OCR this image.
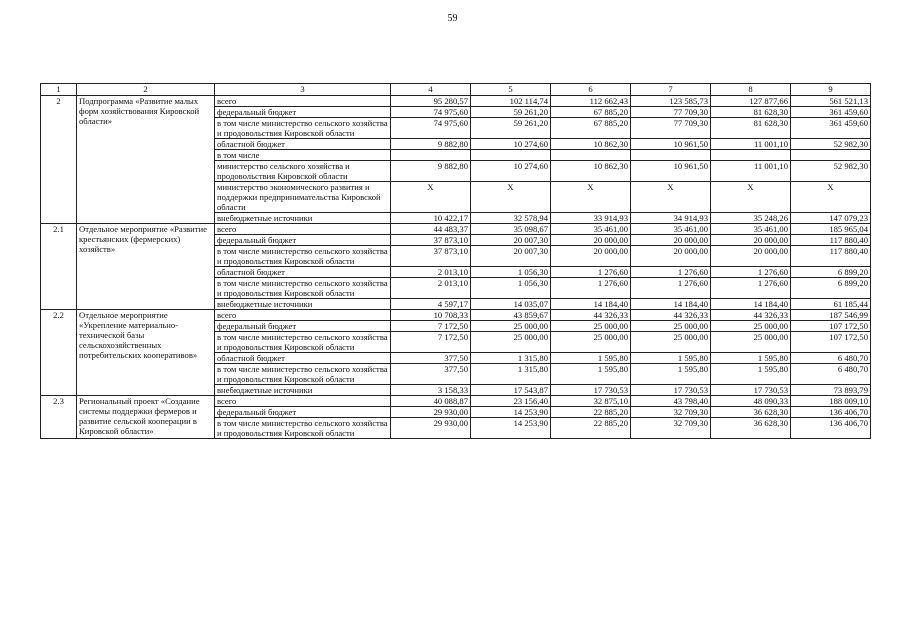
59
1	2	3	4	5	6	7	8	9
2	Подпрограмма «Развитие малых форм хозяйствования Кировской области»	всего	95 280,57	102 114,74	112 662,43	123 585,73	127 877,66	561 521,13
		федеральный бюджет	74 975,60	59 261,20	67 885,20	77 709,30	81 628,30	361 459,60
		в том числе министерство сельского хозяйства и продовольствия Кировской области	74 975,60	59 261,20	67 885,20	77 709,30	81 628,30	361 459,60
		областной бюджет	9 882,80	10 274,60	10 862,30	10 961,50	11 001,10	52 982,30
		в том числе						
		министерство сельского хозяйства и продовольствия Кировской области	9 882,80	10 274,60	10 862,30	10 961,50	11 001,10	52 982,30
		министерство экономического развития и поддержки предпринимательства Кировской области	X	X	X	X	X	X
		внебюджетные источники	10 422,17	32 578,94	33 914,93	34 914,93	35 248,26	147 079,23
2.1	Отдельное мероприятие «Развитие крестьянских (фермерских) хозяйств»	всего	44 483,37	35 098,67	35 461,00	35 461,00	35 461,00	185 965,04
		федеральный бюджет	37 873,10	20 007,30	20 000,00	20 000,00	20 000,00	117 880,40
		в том числе министерство сельского хозяйства и продовольствия Кировской области	37 873,10	20 007,30	20 000,00	20 000,00	20 000,00	117 880,40
		областной бюджет	2 013,10	1 056,30	1 276,60	1 276,60	1 276,60	6 899,20
		в том числе министерство сельского хозяйства и продовольствия Кировской области	2 013,10	1 056,30	1 276,60	1 276,60	1 276,60	6 899,20
		внебюджетные источники	4 597,17	14 035,07	14 184,40	14 184,40	14 184,40	61 185,44
2.2	Отдельное мероприятие «Укрепление материально-технической базы сельскохозяйственных потребительских кооперативов»	всего	10 708,33	43 859,67	44 326,33	44 326,33	44 326,33	187 546,99
		федеральный бюджет	7 172,50	25 000,00	25 000,00	25 000,00	25 000,00	107 172,50
		в том числе министерство сельского хозяйства и продовольствия Кировской области	7 172,50	25 000,00	25 000,00	25 000,00	25 000,00	107 172,50
		областной бюджет	377,50	1 315,80	1 595,80	1 595,80	1 595,80	6 480,70
		в том числе министерство сельского хозяйства и продовольствия Кировской области	377,50	1 315,80	1 595,80	1 595,80	1 595,80	6 480,70
		внебюджетные источники	3 158,33	17 543,87	17 730,53	17 730,53	17 730,53	73 893,79
2.3	Региональный проект «Создание системы поддержки фермеров и развитие сельской кооперации в Кировской области»	всего	40 088,87	23 156,40	32 875,10	43 798,40	48 090,33	188 009,10
		федеральный бюджет	29 930,00	14 253,90	22 885,20	32 709,30	36 628,30	136 406,70
		в том числе министерство сельского хозяйства и продовольствия Кировской области	29 930,00	14 253,90	22 885,20	32 709,30	36 628,30	136 406,70
